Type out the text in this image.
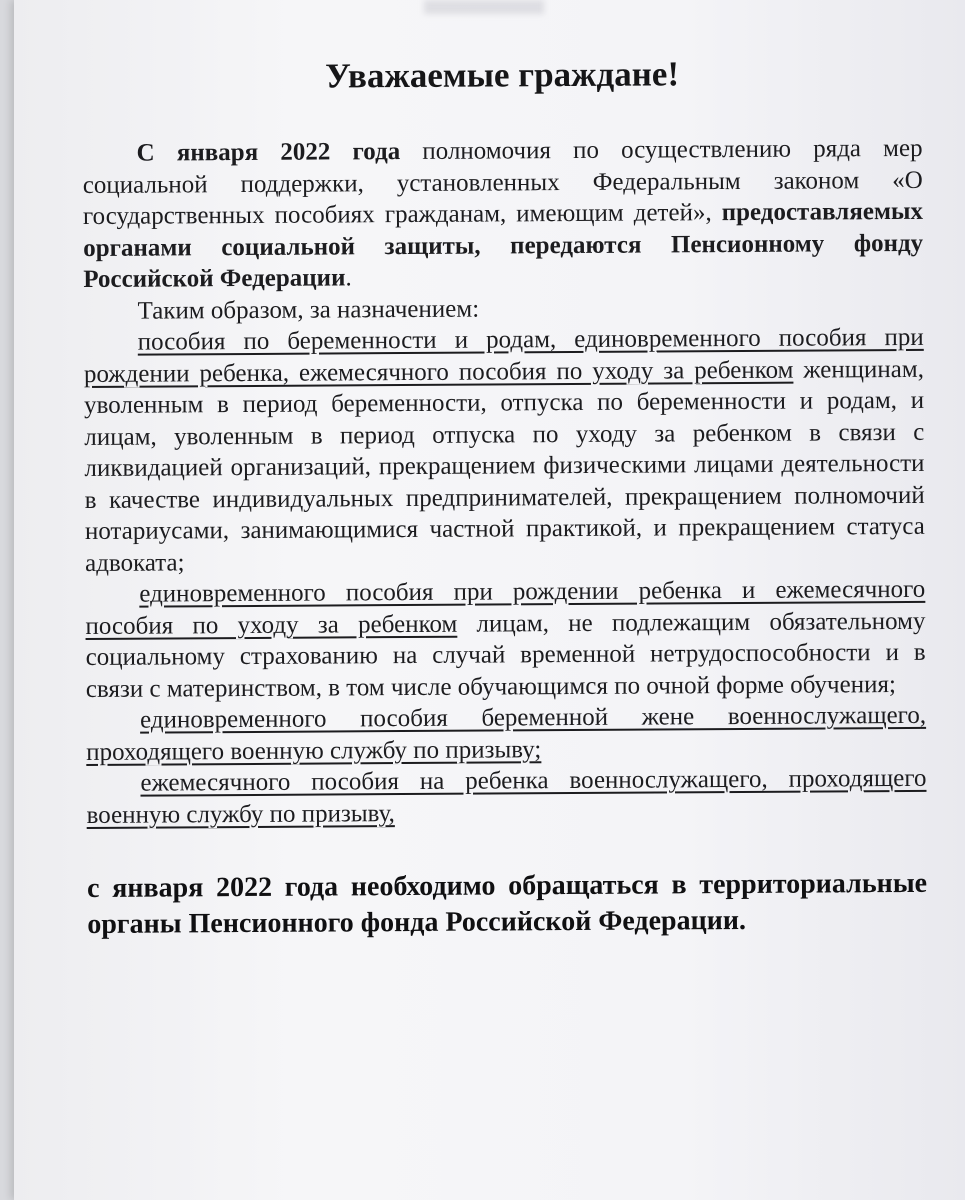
Уважаемые граждане!

С января 2022 года полномочия по осуществлению ряда мер социальной поддержки, установленных Федеральным законом «О государственных пособиях гражданам, имеющим детей», предоставляемых органами социальной защиты, передаются Пенсионному фонду Российской Федерации.

Таким образом, за назначением:

пособия по беременности и родам, единовременного пособия при рождении ребенка, ежемесячного пособия по уходу за ребенком женщинам, уволенным в период беременности, отпуска по беременности и родам, и лицам, уволенным в период отпуска по уходу за ребенком в связи с ликвидацией организаций, прекращением физическими лицами деятельности в качестве индивидуальных предпринимателей, прекращением полномочий нотариусами, занимающимися частной практикой, и прекращением статуса адвоката;

единовременного пособия при рождении ребенка и ежемесячного пособия по уходу за ребенком лицам, не подлежащим обязательному социальному страхованию на случай временной нетрудоспособности и в связи с материнством, в том числе обучающимся по очной форме обучения;

единовременного пособия беременной жене военнослужащего, проходящего военную службу по призыву;

ежемесячного пособия на ребенка военнослужащего, проходящего военную службу по призыву,

с января 2022 года необходимо обращаться в территориальные органы Пенсионного фонда Российской Федерации.
